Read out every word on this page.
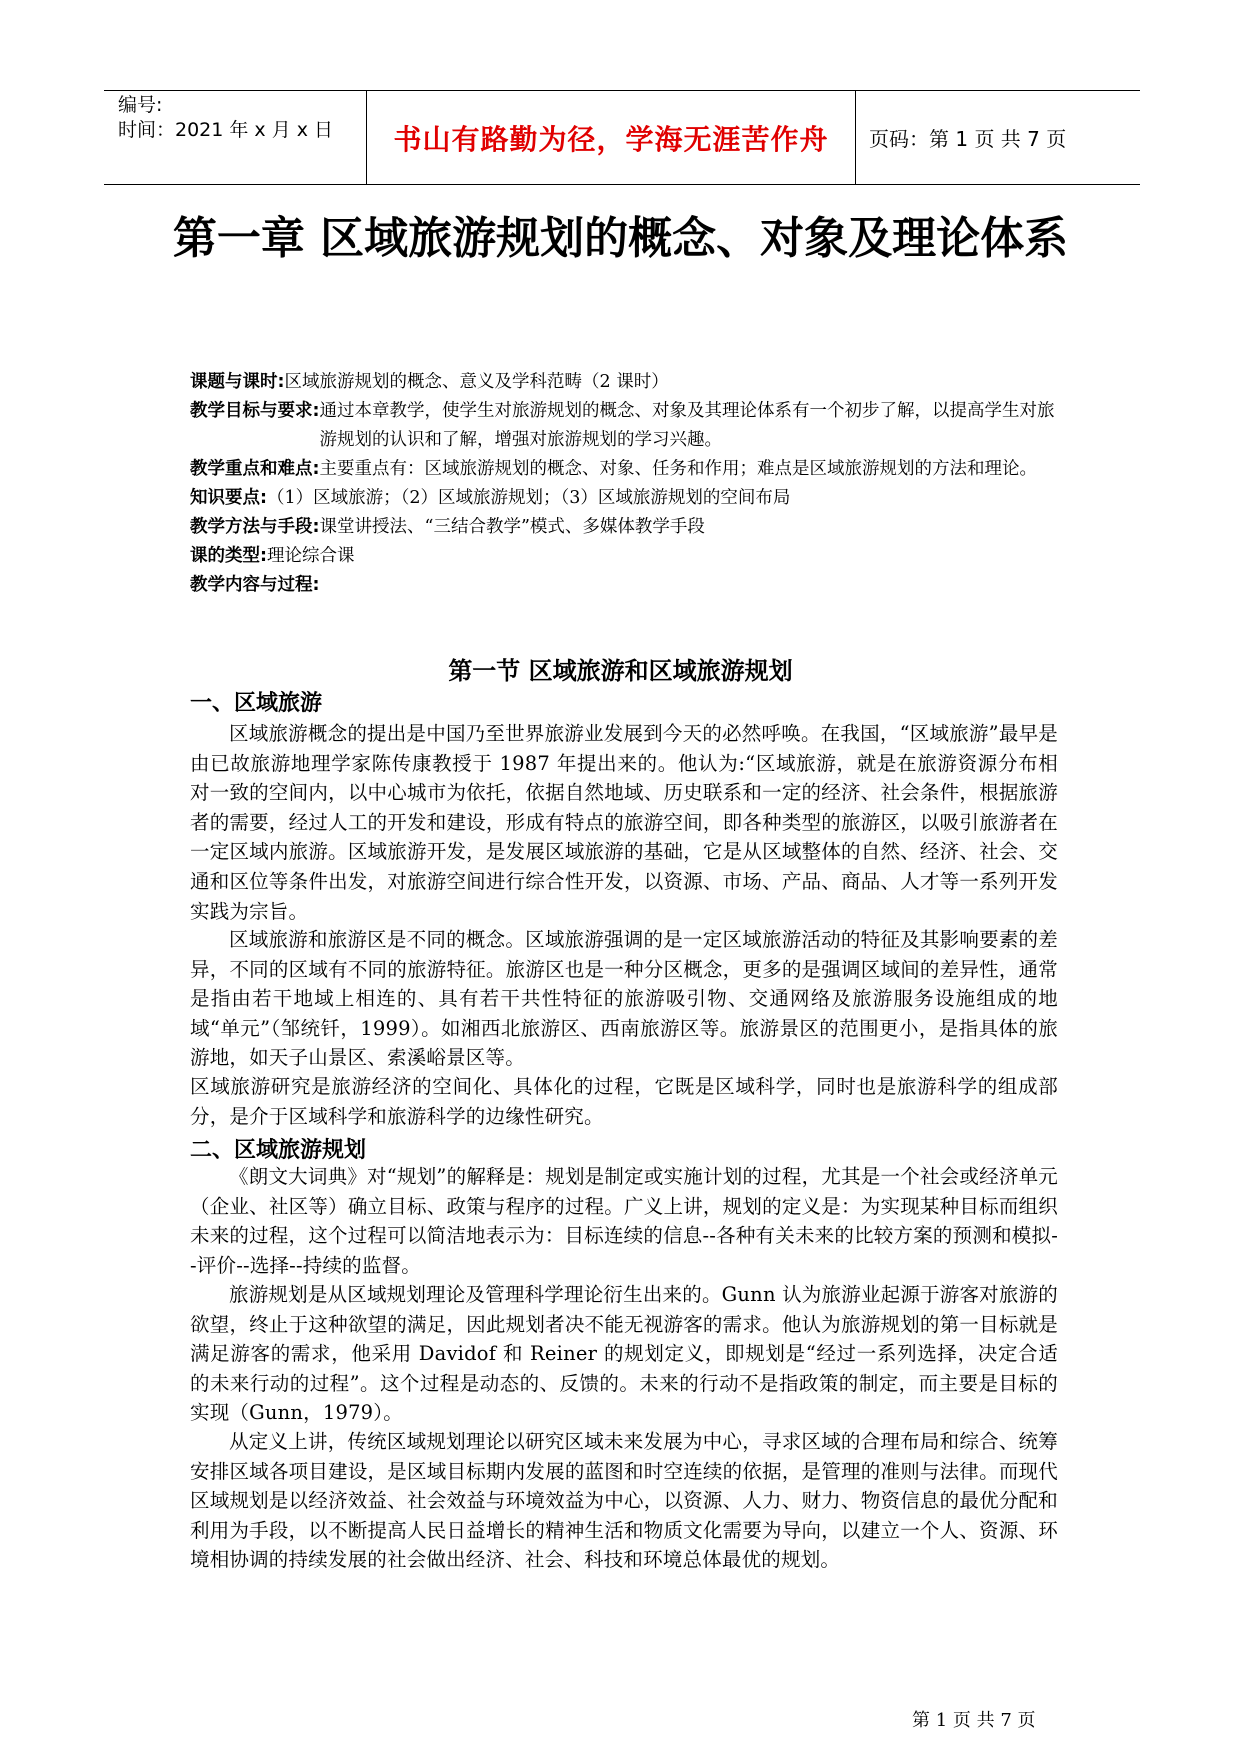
编号:
时间：2021 年 x 月 x 日	书山有路勤为径，学海无涯苦作舟	页码：第 1 页 共 7 页
第一章 区域旅游规划的概念、对象及理论体系
课题与课时: 区域旅游规划的概念、意义及学科范畴（2 课时）
教学目标与要求: 通过本章教学，使学生对旅游规划的概念、对象及其理论体系有一个初步了解，以提高学生对旅游规划的认识和了解，增强对旅游规划的学习兴趣。
教学重点和难点: 主要重点有：区域旅游规划的概念、对象、任务和作用；难点是区域旅游规划的方法和理论。
知识要点: （1）区域旅游；（2）区域旅游规划；（3）区域旅游规划的空间布局
教学方法与手段: 课堂讲授法、“三结合教学”模式、多媒体教学手段
课的类型: 理论综合课
教学内容与过程:
第一节 区域旅游和区域旅游规划
一、区域旅游

区域旅游概念的提出是中国乃至世界旅游业发展到今天的必然呼唤。在我国，“区域旅游”最早是由已故旅游地理学家陈传康教授于 1987 年提出来的。他认为:“区域旅游，就是在旅游资源分布相对一致的空间内，以中心城市为依托，依据自然地域、历史联系和一定的经济、社会条件，根据旅游者的需要，经过人工的开发和建设，形成有特点的旅游空间，即各种类型的旅游区，以吸引旅游者在一定区域内旅游。区域旅游开发，是发展区域旅游的基础，它是从区域整体的自然、经济、社会、交通和区位等条件出发，对旅游空间进行综合性开发，以资源、市场、产品、商品、人才等一系列开发实践为宗旨。

区域旅游和旅游区是不同的概念。区域旅游强调的是一定区域旅游活动的特征及其影响要素的差异，不同的区域有不同的旅游特征。旅游区也是一种分区概念，更多的是强调区域间的差异性，通常是指由若干地域上相连的、具有若干共性特征的旅游吸引物、交通网络及旅游服务设施组成的地域“单元”（邹统钎，1999）。如湘西北旅游区、西南旅游区等。旅游景区的范围更小，是指具体的旅游地，如天子山景区、索溪峪景区等。

区域旅游研究是旅游经济的空间化、具体化的过程，它既是区域科学，同时也是旅游科学的组成部分，是介于区域科学和旅游科学的边缘性研究。

二、区域旅游规划

《朗文大词典》对“规划”的解释是：规划是制定或实施计划的过程，尤其是一个社会或经济单元（企业、社区等）确立目标、政策与程序的过程。广义上讲，规划的定义是：为实现某种目标而组织未来的过程，这个过程可以简洁地表示为：目标连续的信息--各种有关未来的比较方案的预测和模拟--评价--选择--持续的监督。

旅游规划是从区域规划理论及管理科学理论衍生出来的。Gunn 认为旅游业起源于游客对旅游的欲望，终止于这种欲望的满足，因此规划者决不能无视游客的需求。他认为旅游规划的第一目标就是满足游客的需求，他采用 Davidof 和 Reiner 的规划定义，即规划是“经过一系列选择，决定合适的未来行动的过程”。这个过程是动态的、反馈的。未来的行动不是指政策的制定，而主要是目标的实现（Gunn，1979）。

从定义上讲，传统区域规划理论以研究区域未来发展为中心，寻求区域的合理布局和综合、统筹安排区域各项目建设，是区域目标期内发展的蓝图和时空连续的依据，是管理的准则与法律。而现代区域规划是以经济效益、社会效益与环境效益为中心，以资源、人力、财力、物资信息的最优分配和利用为手段，以不断提高人民日益增长的精神生活和物质文化需要为导向，以建立一个人、资源、环境相协调的持续发展的社会做出经济、社会、科技和环境总体最优的规划。

第 1 页 共 7 页
